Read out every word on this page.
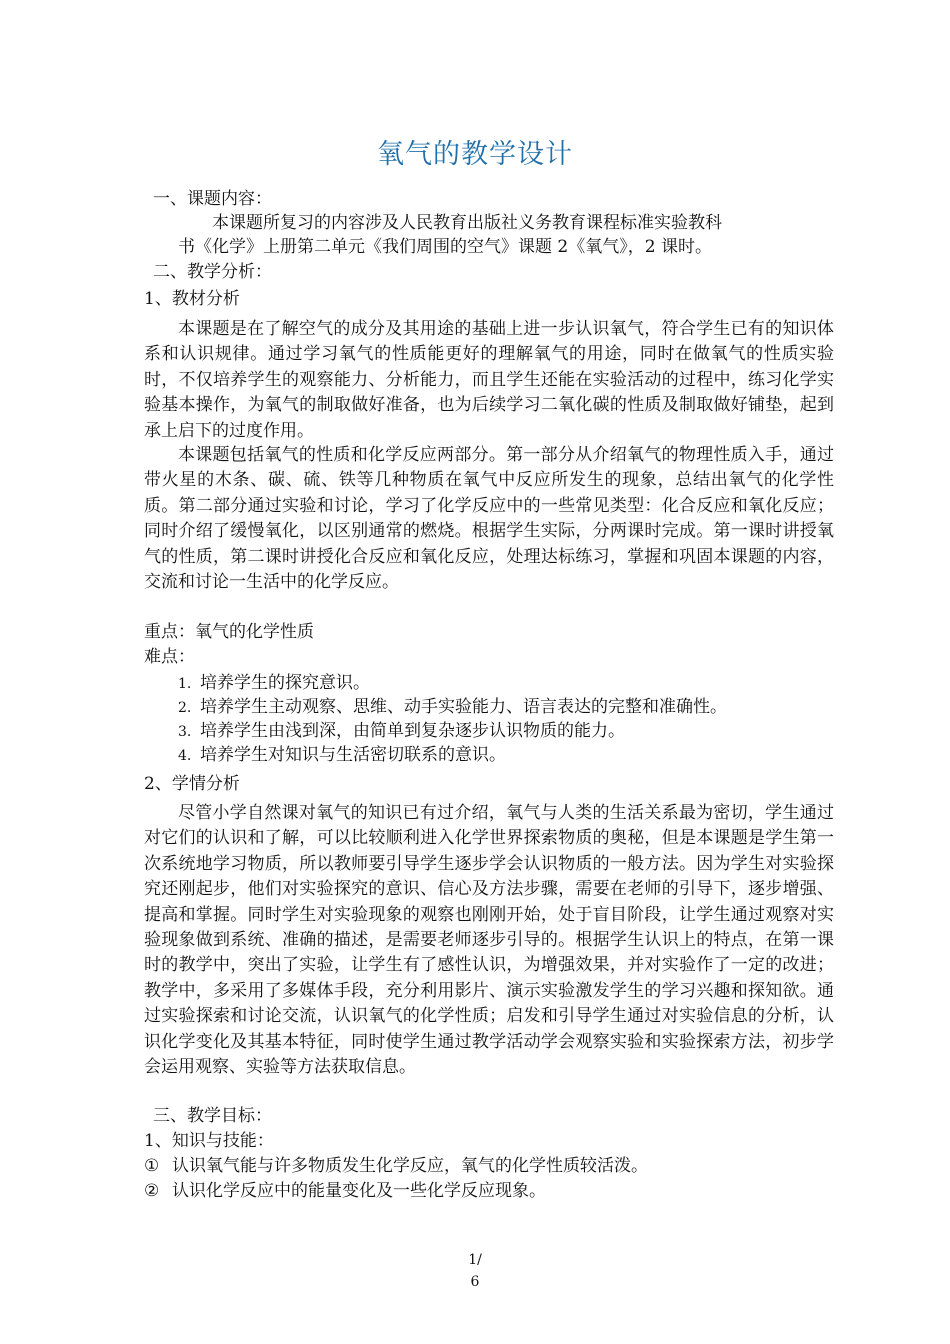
氧气的教学设计
一、课题内容：
本课题所复习的内容涉及人民教育出版社义务教育课程标准实验教科
书《化学》上册第二单元《我们周围的空气》课题 2《氧气》，2 课时。
二、教学分析：
1、教材分析

本课题是在了解空气的成分及其用途的基础上进一步认识氧气，符合学生已有的知识体系和认识规律。通过学习氧气的性质能更好的理解氧气的用途，同时在做氧气的性质实验时，不仅培养学生的观察能力、分析能力，而且学生还能在实验活动的过程中，练习化学实验基本操作，为氧气的制取做好准备，也为后续学习二氧化碳的性质及制取做好铺垫，起到承上启下的过度作用。

本课题包括氧气的性质和化学反应两部分。第一部分从介绍氧气的物理性质入手，通过带火星的木条、碳、硫、铁等几种物质在氧气中反应所发生的现象，总结出氧气的化学性质。第二部分通过实验和讨论，学习了化学反应中的一些常见类型：化合反应和氧化反应；同时介绍了缓慢氧化，以区别通常的燃烧。根据学生实际，分两课时完成。第一课时讲授氧气的性质，第二课时讲授化合反应和氧化反应，处理达标练习，掌握和巩固本课题的内容，交流和讨论一生活中的化学反应。

重点：氧气的化学性质
难点：
1. 培养学生的探究意识。
2. 培养学生主动观察、思维、动手实验能力、语言表达的完整和准确性。
3. 培养学生由浅到深，由简单到复杂逐步认识物质的能力。
4. 培养学生对知识与生活密切联系的意识。
2、学情分析

尽管小学自然课对氧气的知识已有过介绍，氧气与人类的生活关系最为密切，学生通过对它们的认识和了解，可以比较顺利进入化学世界探索物质的奥秘，但是本课题是学生第一次系统地学习物质，所以教师要引导学生逐步学会认识物质的一般方法。因为学生对实验探究还刚起步，他们对实验探究的意识、信心及方法步骤，需要在老师的引导下，逐步增强、提高和掌握。同时学生对实验现象的观察也刚刚开始，处于盲目阶段，让学生通过观察对实验现象做到系统、准确的描述，是需要老师逐步引导的。根据学生认识上的特点，在第一课时的教学中，突出了实验，让学生有了感性认识，为增强效果，并对实验作了一定的改进；教学中，多采用了多媒体手段，充分利用影片、演示实验激发学生的学习兴趣和探知欲。通过实验探索和讨论交流，认识氧气的化学性质；启发和引导学生通过对实验信息的分析，认识化学变化及其基本特征，同时使学生通过教学活动学会观察实验和实验探索方法，初步学会运用观察、实验等方法获取信息。

三、教学目标：
1、知识与技能：
① 认识氧气能与许多物质发生化学反应，氧气的化学性质较活泼。
② 认识化学反应中的能量变化及一些化学反应现象。
1/
6
